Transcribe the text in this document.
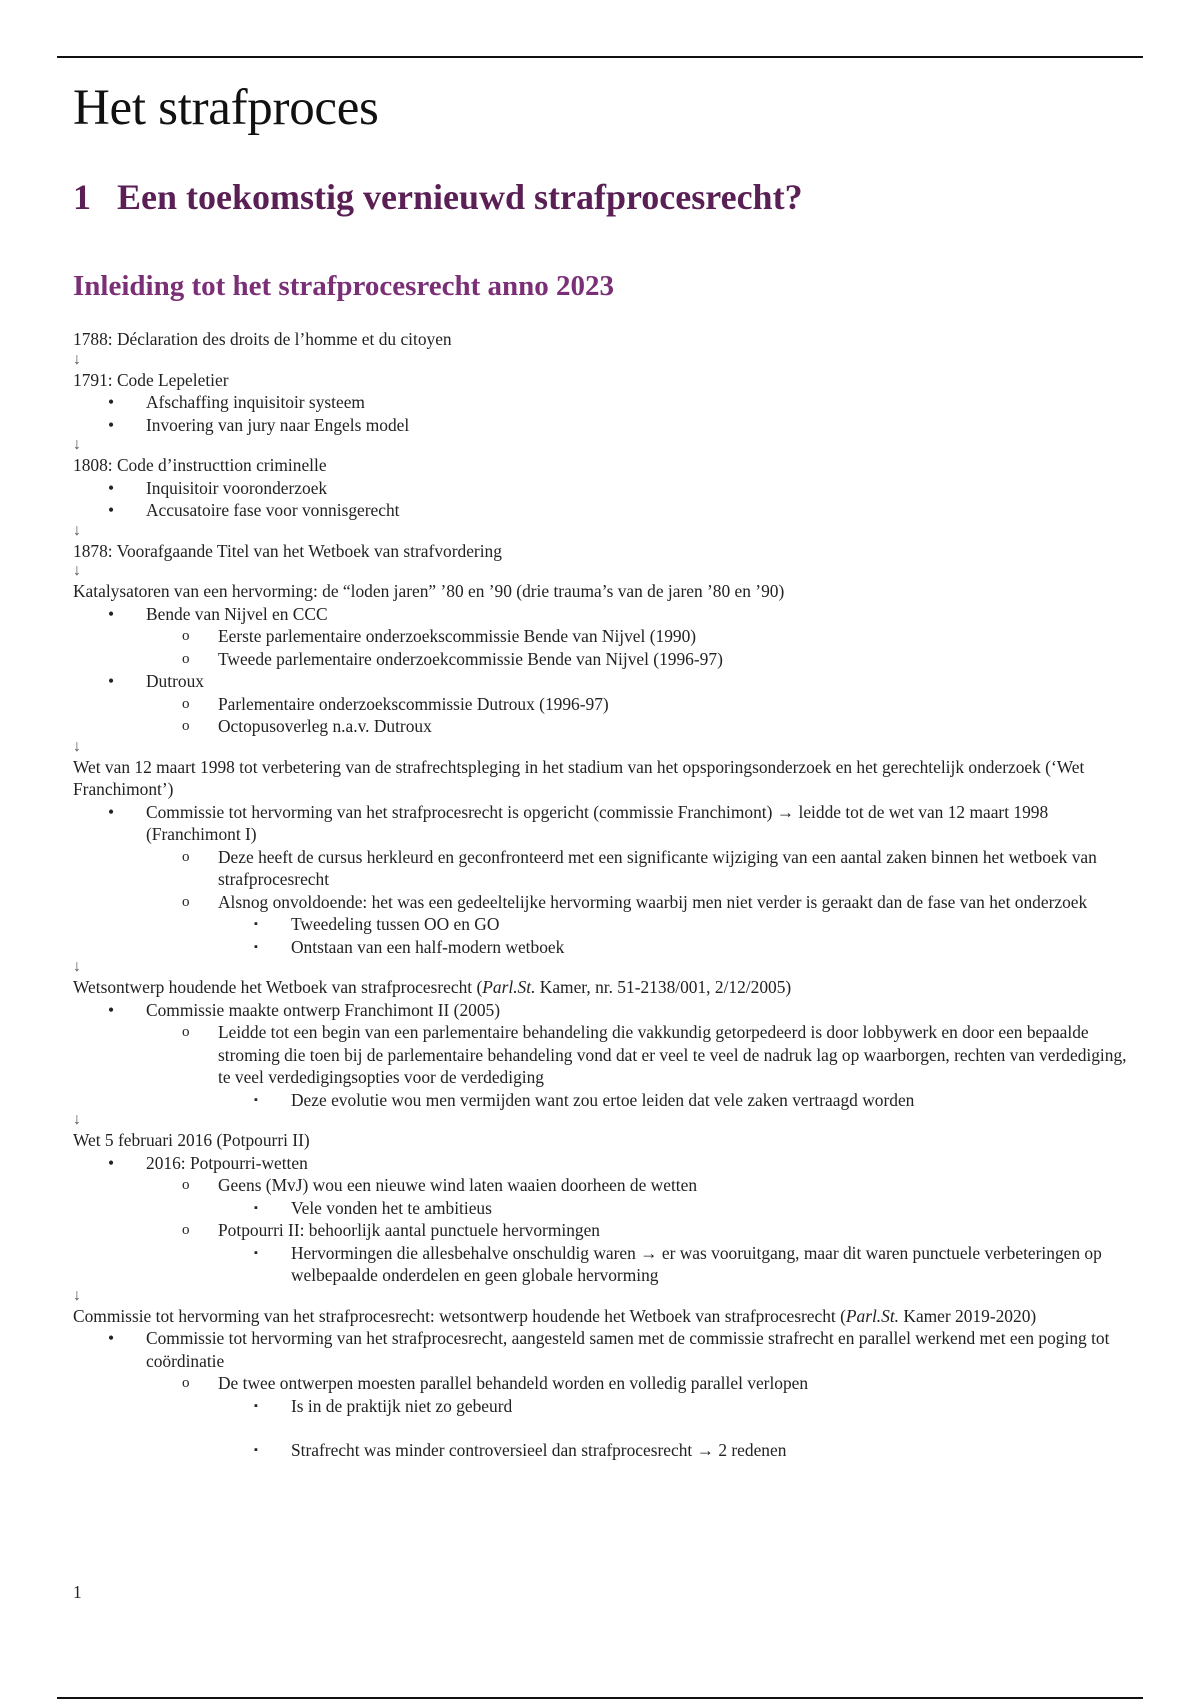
Het strafproces
1 Een toekomstig vernieuwd strafprocesrecht?
Inleiding tot het strafprocesrecht anno 2023

1788: Déclaration des droits de l’homme et du citoyen

↓

1791: Code Lepeletier

• Afschaffing inquisitoir systeem

• Invoering van jury naar Engels model

↓

1808: Code d’instructtion criminelle

• Inquisitoir vooronderzoek

• Accusatoire fase voor vonnisgerecht

↓

1878: Voorafgaande Titel van het Wetboek van strafvordering

↓

Katalysatoren van een hervorming: de “loden jaren” ’80 en ’90 (drie trauma’s van de jaren ’80 en ’90)

• Bende van Nijvel en CCC

o Eerste parlementaire onderzoekscommissie Bende van Nijvel (1990)

o Tweede parlementaire onderzoekcommissie Bende van Nijvel (1996-97)

• Dutroux

o Parlementaire onderzoekscommissie Dutroux (1996-97)

o Octopusoverleg n.a.v. Dutroux

↓

Wet van 12 maart 1998 tot verbetering van de strafrechtspleging in het stadium van het opsporingsonderzoek en het gerechtelijk onderzoek (‘Wet Franchimont’)

• Commissie tot hervorming van het strafprocesrecht is opgericht (commissie Franchimont) → leidde tot de wet van 12 maart 1998 (Franchimont I)

o Deze heeft de cursus herkleurd en geconfronteerd met een significante wijziging van een aantal zaken binnen het wetboek van strafprocesrecht

o Alsnog onvoldoende: het was een gedeeltelijke hervorming waarbij men niet verder is geraakt dan de fase van het onderzoek

▪ Tweedeling tussen OO en GO

▪ Ontstaan van een half-modern wetboek

↓

Wetsontwerp houdende het Wetboek van strafprocesrecht (Parl.St. Kamer, nr. 51-2138/001, 2/12/2005)

• Commissie maakte ontwerp Franchimont II (2005)

o Leidde tot een begin van een parlementaire behandeling die vakkundig getorpedeerd is door lobbywerk en door een bepaalde stroming die toen bij de parlementaire behandeling vond dat er veel te veel de nadruk lag op waarborgen, rechten van verdediging, te veel verdedigingsopties voor de verdediging

▪ Deze evolutie wou men vermijden want zou ertoe leiden dat vele zaken vertraagd worden

↓

Wet 5 februari 2016 (Potpourri II)

• 2016: Potpourri-wetten

o Geens (MvJ) wou een nieuwe wind laten waaien doorheen de wetten

▪ Vele vonden het te ambitieus

o Potpourri II: behoorlijk aantal punctuele hervormingen

▪ Hervormingen die allesbehalve onschuldig waren → er was vooruitgang, maar dit waren punctuele verbeteringen op welbepaalde onderdelen en geen globale hervorming

↓

Commissie tot hervorming van het strafprocesrecht: wetsontwerp houdende het Wetboek van strafprocesrecht (Parl.St. Kamer 2019-2020)

• Commissie tot hervorming van het strafprocesrecht, aangesteld samen met de commissie strafrecht en parallel werkend met een poging tot coördinatie

o De twee ontwerpen moesten parallel behandeld worden en volledig parallel verlopen

▪ Is in de praktijk niet zo gebeurd

▪ Strafrecht was minder controversieel dan strafprocesrecht → 2 redenen

1
